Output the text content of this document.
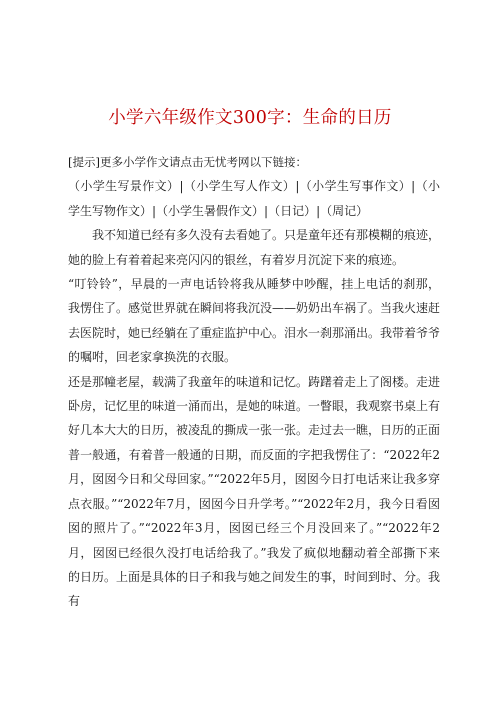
小学六年级作文300字：生命的日历

[提示]更多小学作文请点击无忧考网以下链接：

（小学生写景作文）|（小学生写人作文）|（小学生写事作文）|（小学生写物作文）|（小学生暑假作文）|（日记）|（周记）

我不知道已经有多久没有去看她了。只是童年还有那模糊的痕迹，她的脸上有着着起来亮闪闪的银丝，有着岁月沉淀下来的痕迹。

“叮铃铃”，早晨的一声电话铃将我从睡梦中吵醒，挂上电话的刹那，我愣住了。感觉世界就在瞬间将我沉没——奶奶出车祸了。当我火速赶去医院时，她已经躺在了重症监护中心。泪水一刹那涌出。我带着爷爷的嘱咐，回老家拿换洗的衣服。

还是那幢老屋，载满了我童年的味道和记忆。踌躇着走上了阁楼。走进卧房，记忆里的味道一涌而出，是她的味道。一瞥眼，我观察书桌上有好几本大大的日历，被凌乱的撕成一张一张。走过去一瞧，日历的正面普一般通，有着普一般通的日期，而反面的字把我愣住了：“2022年2月，囡囡今日和父母回家。”“2022年5月，囡囡今日打电话来让我多穿点衣服。”“2022年7月，囡囡今日升学考。”“2022年2月，我今日看囡囡的照片了。”“2022年3月，囡囡已经三个月没回来了。”“2022年2月，囡囡已经很久没打电话给我了。”我发了疯似地翻动着全部撕下来的日历。上面是具体的日子和我与她之间发生的事，时间到时、分。我有
